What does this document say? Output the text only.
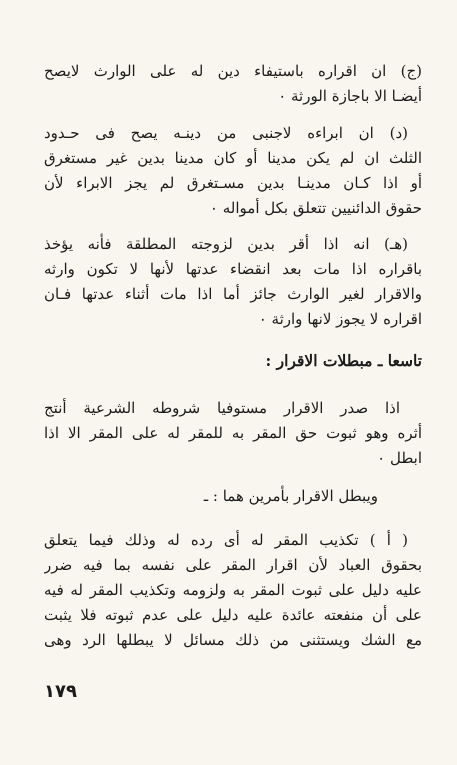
(ج) ان اقراره باستيفاء دين له على الوارث لايصح
أيضـا الا باجازة الورثة ٠
(د) ان ابراءه لاجنبى من دينـه يصح فى حـدود
الثلث ان لم يكن مدينا أو كان مدينا بدين غير مستغرق
أو اذا كـان مدينـا بدين مسـتغرق لم يجز الابراء لأن
حقوق الدائنيين تتعلق بكل أمواله ٠
(هـ) انه اذا أقر بدين لزوجته المطلقة فأنه يؤخذ
باقراره اذا مات بعد انقضاء عدتها لأنها لا تكون وارثه
والاقرار لغير الوارث جائز أما اذا مات أثناء عدتها فـان
اقراره لا يجوز لانها وارثة ٠
تاسعا ـ مبطلات الاقرار :
اذا صدر الاقرار مستوفيا شروطه الشرعية أنتج
أثره وهو ثبوت حق المقر به للمقر له على المقر الا اذا
ابطل ٠
ويبطل الاقرار بأمرين هما : ـ
( أ ) تكذيب المقر له أى رده له وذلك فيما يتعلق
بحقوق العباد لأن اقرار المقر على نفسه بما فيه ضرر
عليه دليل على ثبوت المقر به ولزومه وتكذيب المقر له فيه
على أن منفعته عائدة عليه دليل على عدم ثبوته فلا يثبت
مع الشك ويستثنى من ذلك مسائل لا يبطلها الرد وهى
١٧٩
